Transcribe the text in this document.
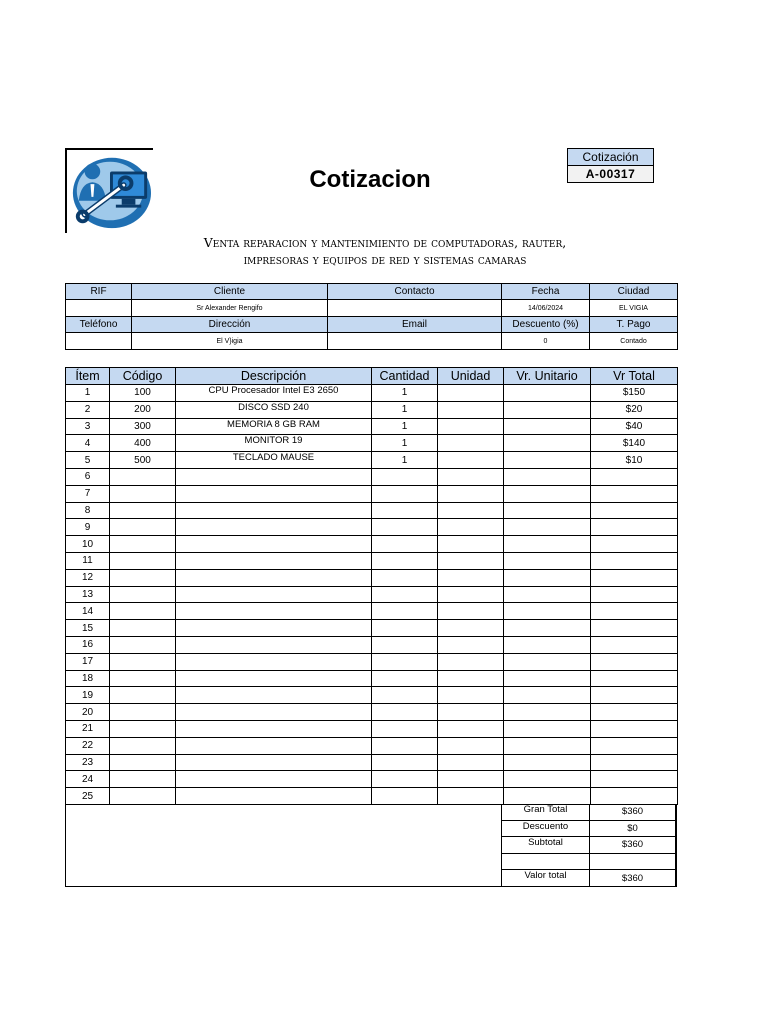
Cotizacion
Cotización
A-00317
Venta reparacion y mantenimiento de computadoras, rauter,
impresoras y equipos de red y sistemas camaras
RIF	Cliente	Contacto	Fecha	Ciudad
	Sr Alexander Rengifo		14/06/2024	EL VIGIA
Teléfono	Dirección	Email	Descuento (%)	T. Pago
	El V}igia		0	Contado
Ítem	Código	Descripción	Cantidad	Unidad	Vr. Unitario	Vr Total
1	100	CPU Procesador Intel E3 2650	1			$150
2	200	DISCO SSD 240	1			$20
3	300	MEMORIA 8 GB RAM	1			$40
4	400	MONITOR 19	1			$140
5	500	TECLADO MAUSE	1			$10
6						
7						
8						
9						
10						
11						
12						
13						
14						
15						
16						
17						
18						
19						
20						
21						
22						
23						
24						
25						
Gran Total	$360
Descuento	$0
Subtotal	$360

Valor total	$360
